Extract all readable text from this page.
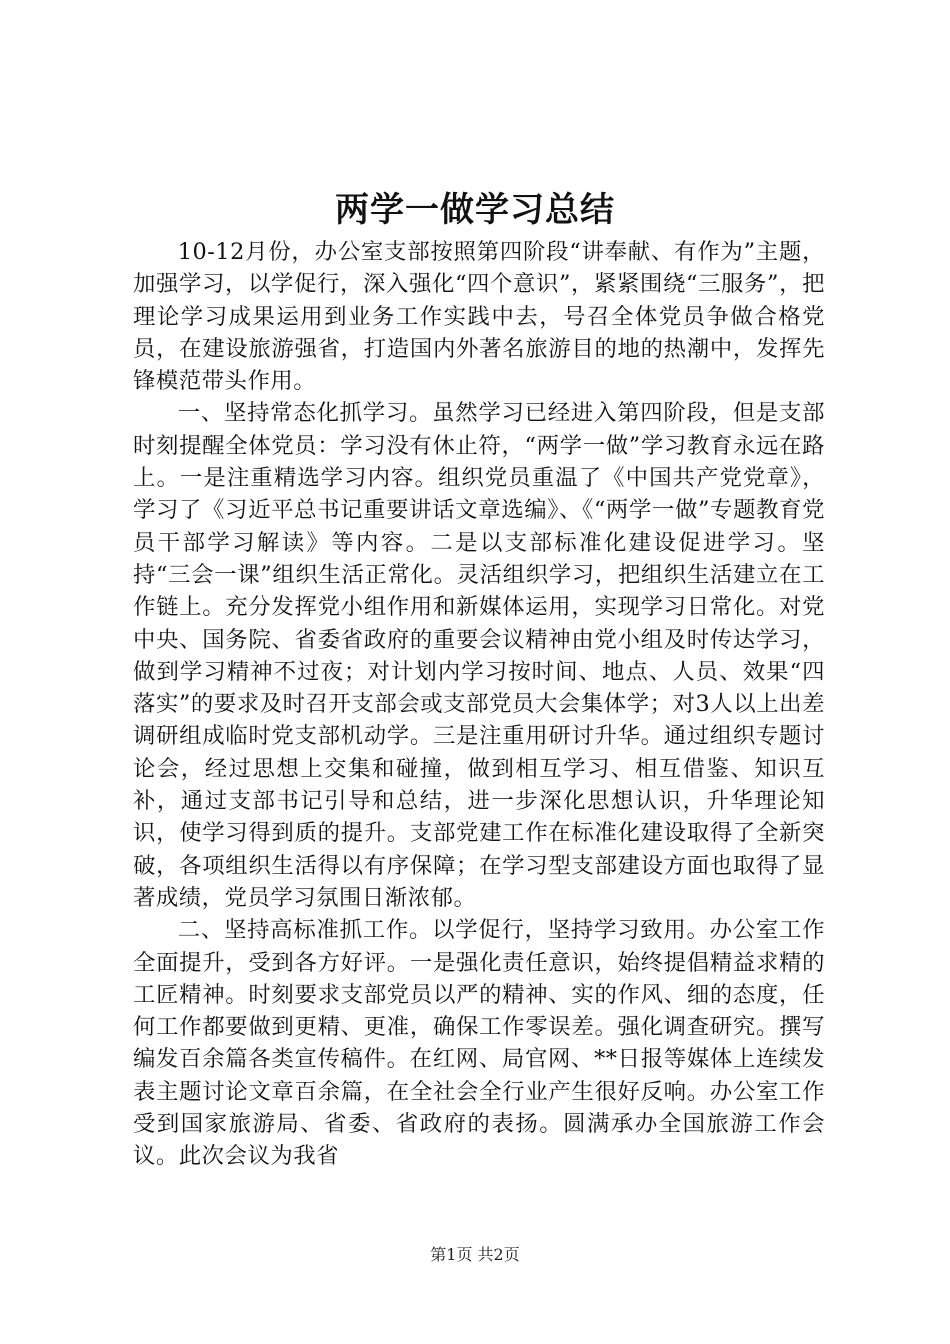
两学一做学习总结

10-12月份，办公室支部按照第四阶段“讲奉献、有作为”主题，加强学习，以学促行，深入强化“四个意识”，紧紧围绕“三服务”，把理论学习成果运用到业务工作实践中去，号召全体党员争做合格党员，在建设旅游强省，打造国内外著名旅游目的地的热潮中，发挥先锋模范带头作用。

一、坚持常态化抓学习。虽然学习已经进入第四阶段，但是支部时刻提醒全体党员：学习没有休止符，“两学一做”学习教育永远在路上。一是注重精选学习内容。组织党员重温了《中国共产党党章》，学习了《习近平总书记重要讲话文章选编》、《“两学一做”专题教育党员干部学习解读》等内容。二是以支部标准化建设促进学习。坚持“三会一课”组织生活正常化。灵活组织学习，把组织生活建立在工作链上。充分发挥党小组作用和新媒体运用，实现学习日常化。对党中央、国务院、省委省政府的重要会议精神由党小组及时传达学习，做到学习精神不过夜；对计划内学习按时间、地点、人员、效果“四落实”的要求及时召开支部会或支部党员大会集体学；对3人以上出差调研组成临时党支部机动学。三是注重用研讨升华。通过组织专题讨论会，经过思想上交集和碰撞，做到相互学习、相互借鉴、知识互补，通过支部书记引导和总结，进一步深化思想认识，升华理论知识，使学习得到质的提升。支部党建工作在标准化建设取得了全新突破，各项组织生活得以有序保障；在学习型支部建设方面也取得了显著成绩，党员学习氛围日渐浓郁。

二、坚持高标准抓工作。以学促行，坚持学习致用。办公室工作全面提升，受到各方好评。一是强化责任意识，始终提倡精益求精的工匠精神。时刻要求支部党员以严的精神、实的作风、细的态度，任何工作都要做到更精、更准，确保工作零误差。强化调查研究。撰写编发百余篇各类宣传稿件。在红网、局官网、**日报等媒体上连续发表主题讨论文章百余篇，在全社会全行业产生很好反响。办公室工作受到国家旅游局、省委、省政府的表扬。圆满承办全国旅游工作会议。此次会议为我省

第1页 共2页
